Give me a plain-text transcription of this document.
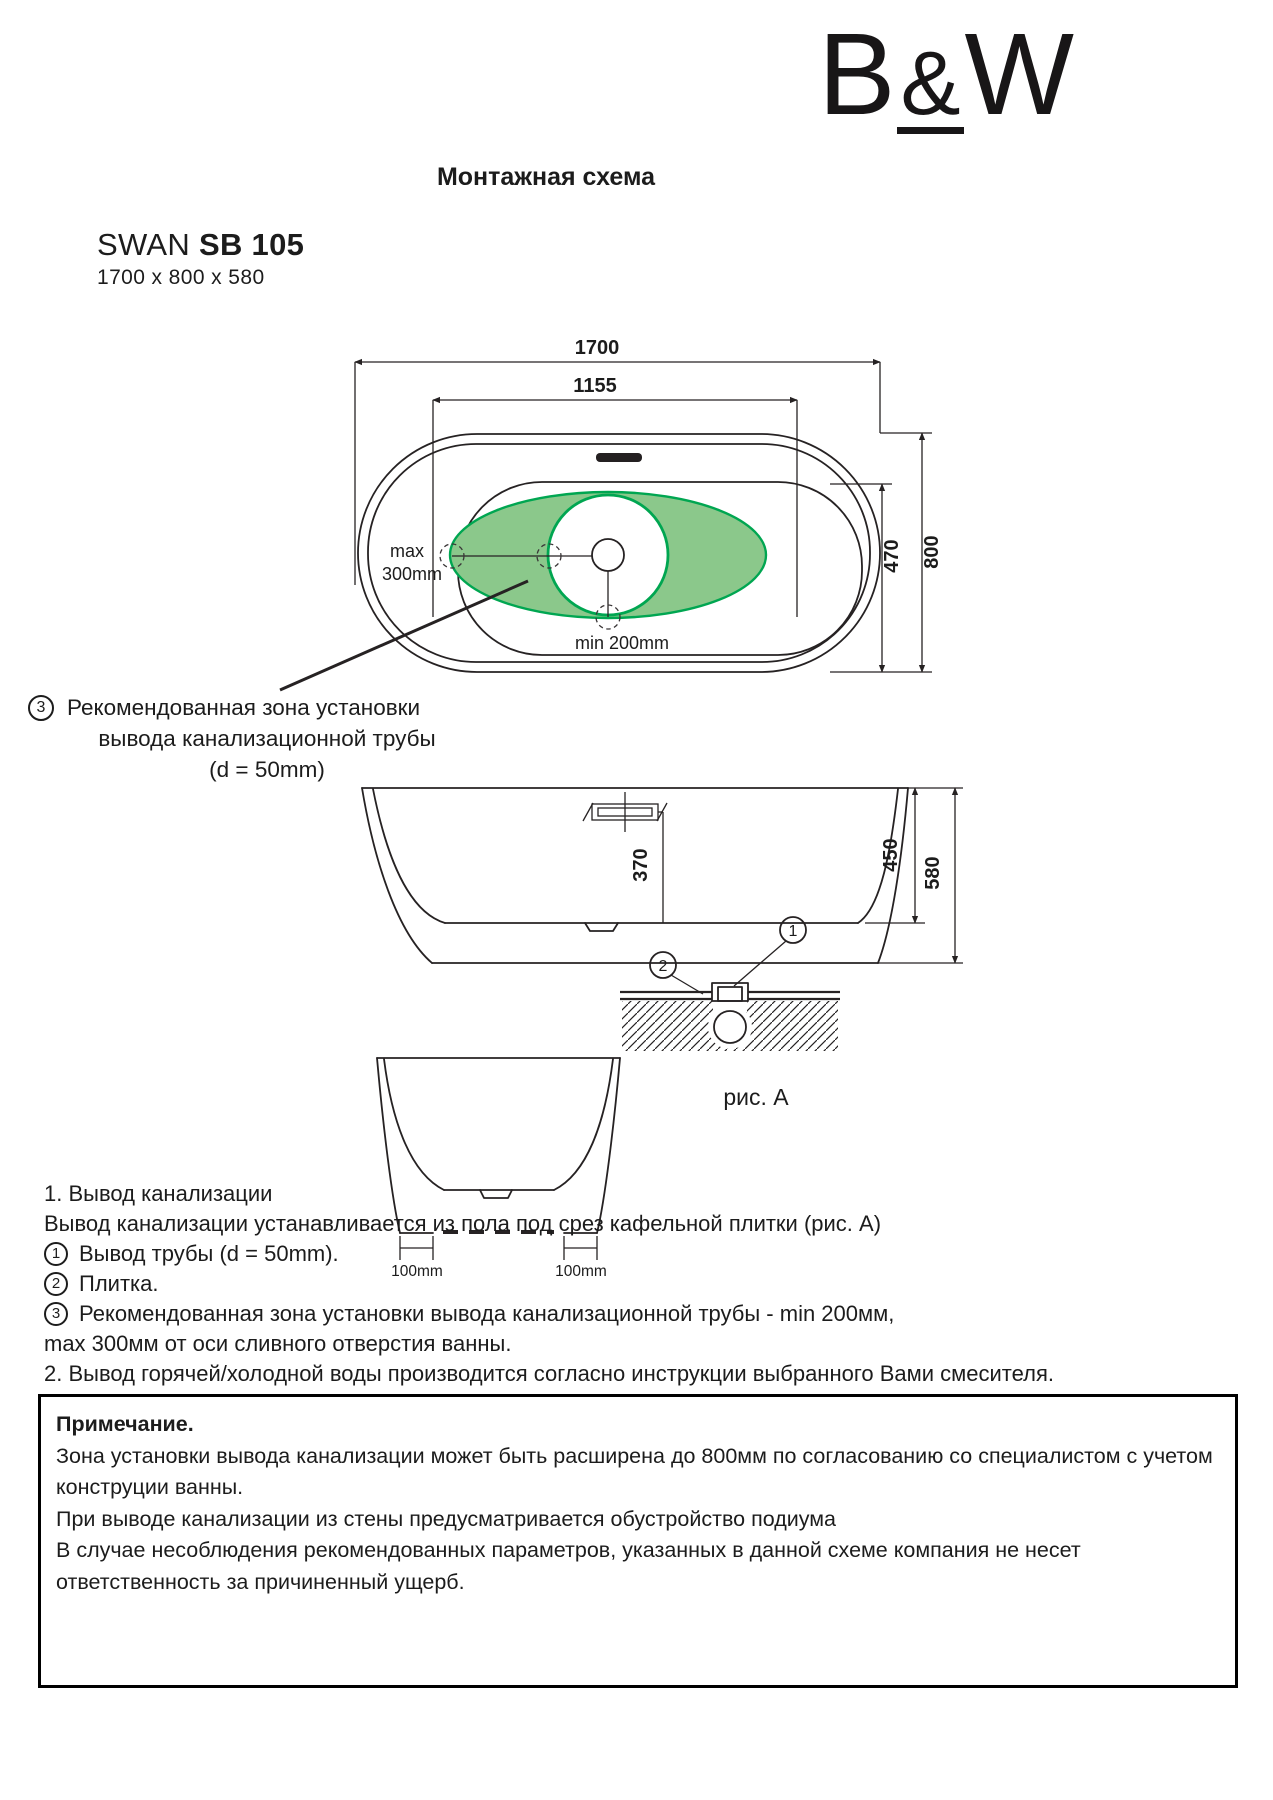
B&W
Монтажная схема
SWAN SB 105
1700 x 800 x 580
1700
1155
470 800
max
300mm
min 200mm
3 Рекомендованная зона установки
вывода канализационной трубы
(d = 50mm)
370	450
580
100mm	100mm
1
2
рис. А
1. Вывод канализации
Вывод канализации устанавливается из пола под срез кафельной плитки (рис. А)
1 Вывод трубы (d = 50mm).
2 Плитка.
3 Рекомендованная зона установки вывода канализационной трубы - min 200мм,
max 300мм от оси сливного отверстия ванны.
2. Вывод горячей/холодной воды производится согласно инструкции выбранного Вами смесителя.
Примечание.
Зона установки вывода канализации может быть расширена до 800мм по согласованию со специалистом с учетом
конструции ванны.
При выводе канализации из стены предусматривается обустройство подиума
В случае несоблюдения рекомендованных параметров, указанных в данной схеме компания не несет
ответственность за причиненный ущерб.
